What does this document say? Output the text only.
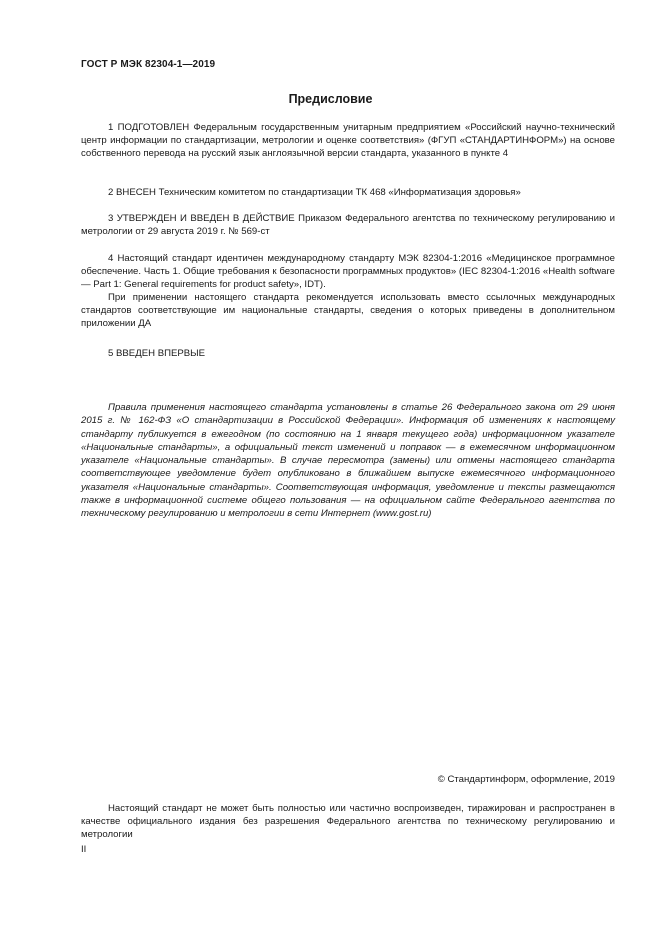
ГОСТ Р МЭК 82304-1—2019
Предисловие

1 ПОДГОТОВЛЕН Федеральным государственным унитарным предприятием «Российский научно-технический центр информации по стандартизации, метрологии и оценке соответствия» (ФГУП «СТАНДАРТИНФОРМ») на основе собственного перевода на русский язык англоязычной версии стандарта, указанного в пункте 4

2 ВНЕСЕН Техническим комитетом по стандартизации ТК 468 «Информатизация здоровья»

3 УТВЕРЖДЕН И ВВЕДЕН В ДЕЙСТВИЕ Приказом Федерального агентства по техническому регулированию и метрологии от 29 августа 2019 г. № 569-ст

4 Настоящий стандарт идентичен международному стандарту МЭК 82304-1:2016 «Медицинское программное обеспечение. Часть 1. Общие требования к безопасности программных продуктов» (IEC 82304-1:2016 «Health software — Part 1: General requirements for product safety», IDT).

При применении настоящего стандарта рекомендуется использовать вместо ссылочных международных стандартов соответствующие им национальные стандарты, сведения о которых приведены в дополнительном приложении ДА

5 ВВЕДЕН ВПЕРВЫЕ

Правила применения настоящего стандарта установлены в статье 26 Федерального закона от 29 июня 2015 г. № 162-ФЗ «О стандартизации в Российской Федерации». Информация об изменениях к настоящему стандарту публикуется в ежегодном (по состоянию на 1 января текущего года) информационном указателе «Национальные стандарты», а официальный текст изменений и поправок — в ежемесячном информационном указателе «Национальные стандарты». В случае пересмотра (замены) или отмены настоящего стандарта соответствующее уведомление будет опубликовано в ближайшем выпуске ежемесячного информационного указателя «Национальные стандарты». Соответствующая информация, уведомление и тексты размещаются также в информационной системе общего пользования — на официальном сайте Федерального агентства по техническому регулированию и метрологии в сети Интернет (www.gost.ru)

© Стандартинформ, оформление, 2019

Настоящий стандарт не может быть полностью или частично воспроизведен, тиражирован и распространен в качестве официального издания без разрешения Федерального агентства по техническому регулированию и метрологии

II
